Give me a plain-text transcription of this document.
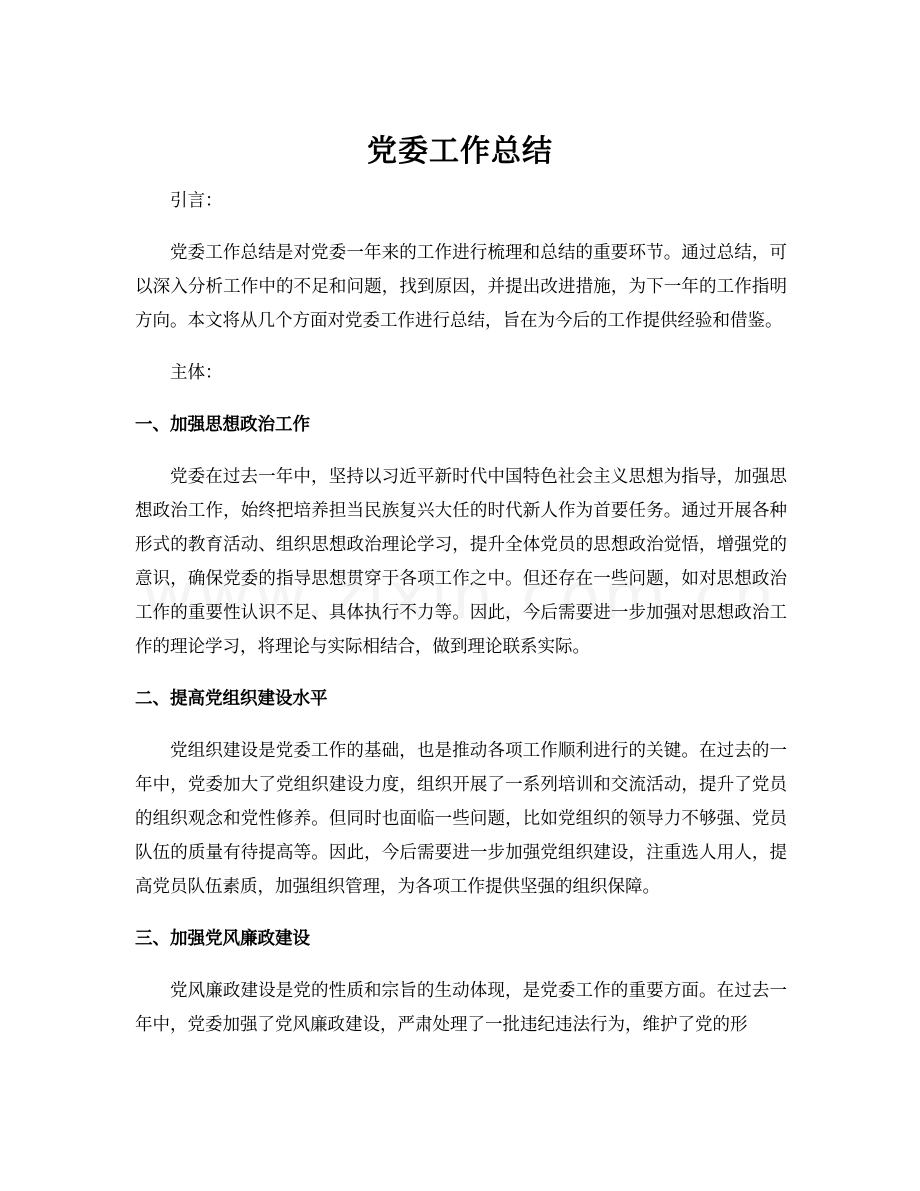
党委工作总结

引言：

党委工作总结是对党委一年来的工作进行梳理和总结的重要环节。通过总结，可以深入分析工作中的不足和问题，找到原因，并提出改进措施，为下一年的工作指明方向。本文将从几个方面对党委工作进行总结，旨在为今后的工作提供经验和借鉴。

主体：

一、加强思想政治工作

党委在过去一年中，坚持以习近平新时代中国特色社会主义思想为指导，加强思想政治工作，始终把培养担当民族复兴大任的时代新人作为首要任务。通过开展各种形式的教育活动、组织思想政治理论学习，提升全体党员的思想政治觉悟，增强党的意识，确保党委的指导思想贯穿于各项工作之中。但还存在一些问题，如对思想政治工作的重要性认识不足、具体执行不力等。因此，今后需要进一步加强对思想政治工作的理论学习，将理论与实际相结合，做到理论联系实际。

二、提高党组织建设水平

党组织建设是党委工作的基础，也是推动各项工作顺利进行的关键。在过去的一年中，党委加大了党组织建设力度，组织开展了一系列培训和交流活动，提升了党员的组织观念和党性修养。但同时也面临一些问题，比如党组织的领导力不够强、党员队伍的质量有待提高等。因此，今后需要进一步加强党组织建设，注重选人用人，提高党员队伍素质，加强组织管理，为各项工作提供坚强的组织保障。

三、加强党风廉政建设

党风廉政建设是党的性质和宗旨的生动体现，是党委工作的重要方面。在过去一年中，党委加强了党风廉政建设，严肃处理了一批违纪违法行为，维护了党的形
